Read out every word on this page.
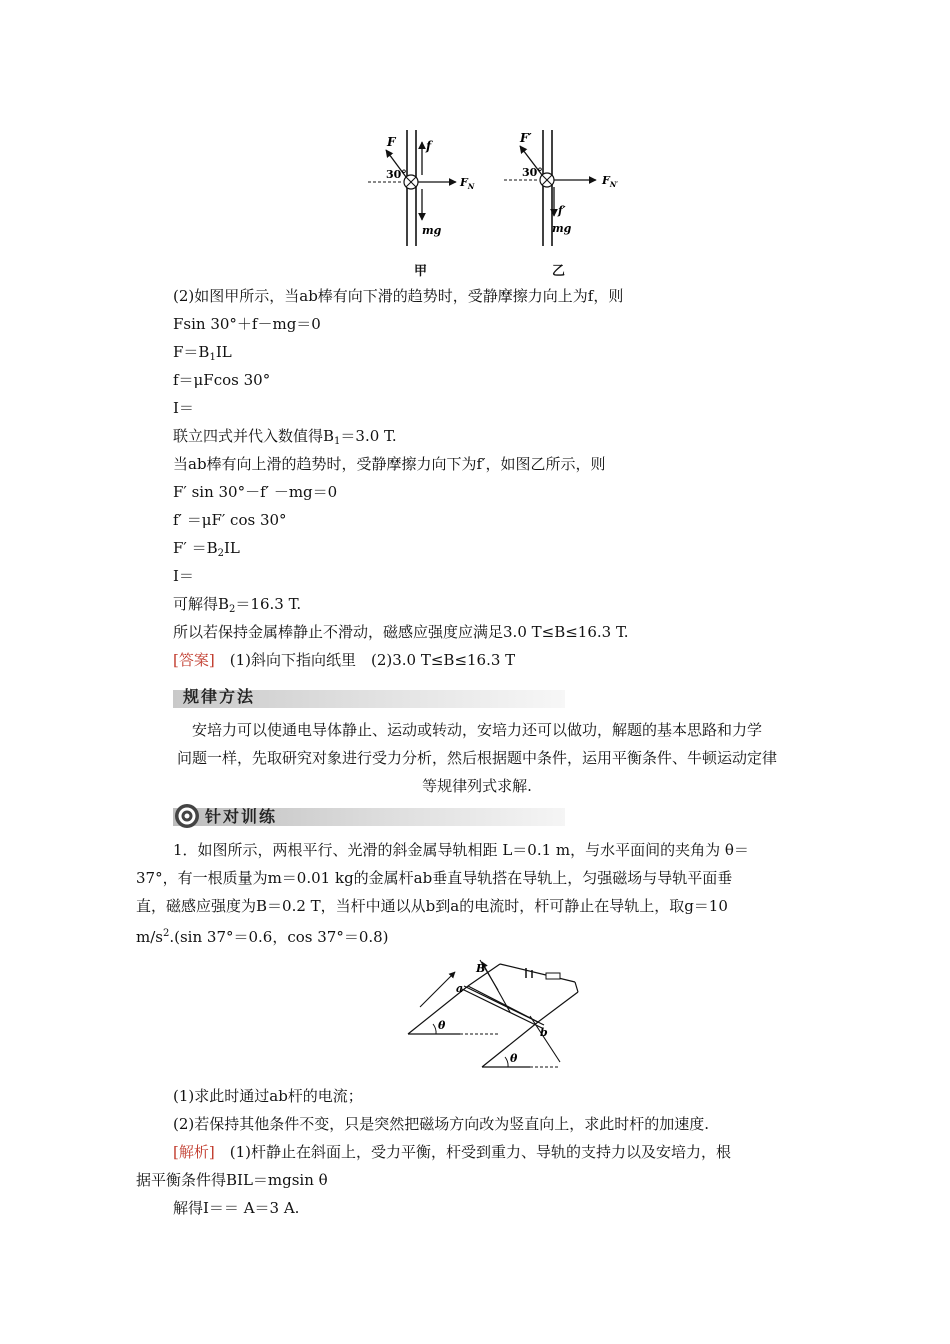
F	f
30°
$F_N$
mg
甲
F′
30°
$F_{N'}$
f′
mg
乙
(2)如图甲所示，当ab棒有向下滑的趋势时，受静摩擦力向上为f，则
Fsin 30°＋f－mg＝0
$F=B_1IL$
f＝μFcos 30°
I＝
联立四式并代入数值得$B_1=3.0$ T.
当ab棒有向上滑的趋势时，受静摩擦力向下为f′，如图乙所示，则
F′ sin 30°－f′ －mg＝0
f′ ＝μF′ cos 30°
$F' =B_2IL$
I＝
可解得$B_2=16.3$ T.
所以若保持金属棒静止不滑动，磁感应强度应满足3.0 T≤B≤16.3 T.
[答案]　 (1)斜向下指向纸里　(2)3.0 T≤B≤16.3 T
规律方法
安培力可以使通电导体静止、运动或转动，安培力还可以做功，解题的基本思路和力学
问题一样，先取研究对象进行受力分析，然后根据题中条件，运用平衡条件、牛顿运动定律
等规律列式求解.
针对训练
1．如图所示，两根平行、光滑的斜金属导轨相距 L＝0.1 m，与水平面间的夹角为 θ＝
37°，有一根质量为m＝0.01 kg的金属杆ab垂直导轨搭在导轨上，匀强磁场与导轨平面垂
直，磁感应强度为B＝0.2 T，当杆中通以从b到a的电流时，杆可静止在导轨上，取g＝10
$m/s^2.(\sin$ 37°＝0.6，cos 37°＝0.8)
θ
θ
B
a
b
(1)求此时通过ab杆的电流；
(2)若保持其他条件不变，只是突然把磁场方向改为竖直向上，求此时杆的加速度.
[解析]　 (1)杆静止在斜面上，受力平衡，杆受到重力、导轨的支持力以及安培力，根
据平衡条件得BIL＝mgsin θ
解得I＝＝ A＝3 A.
